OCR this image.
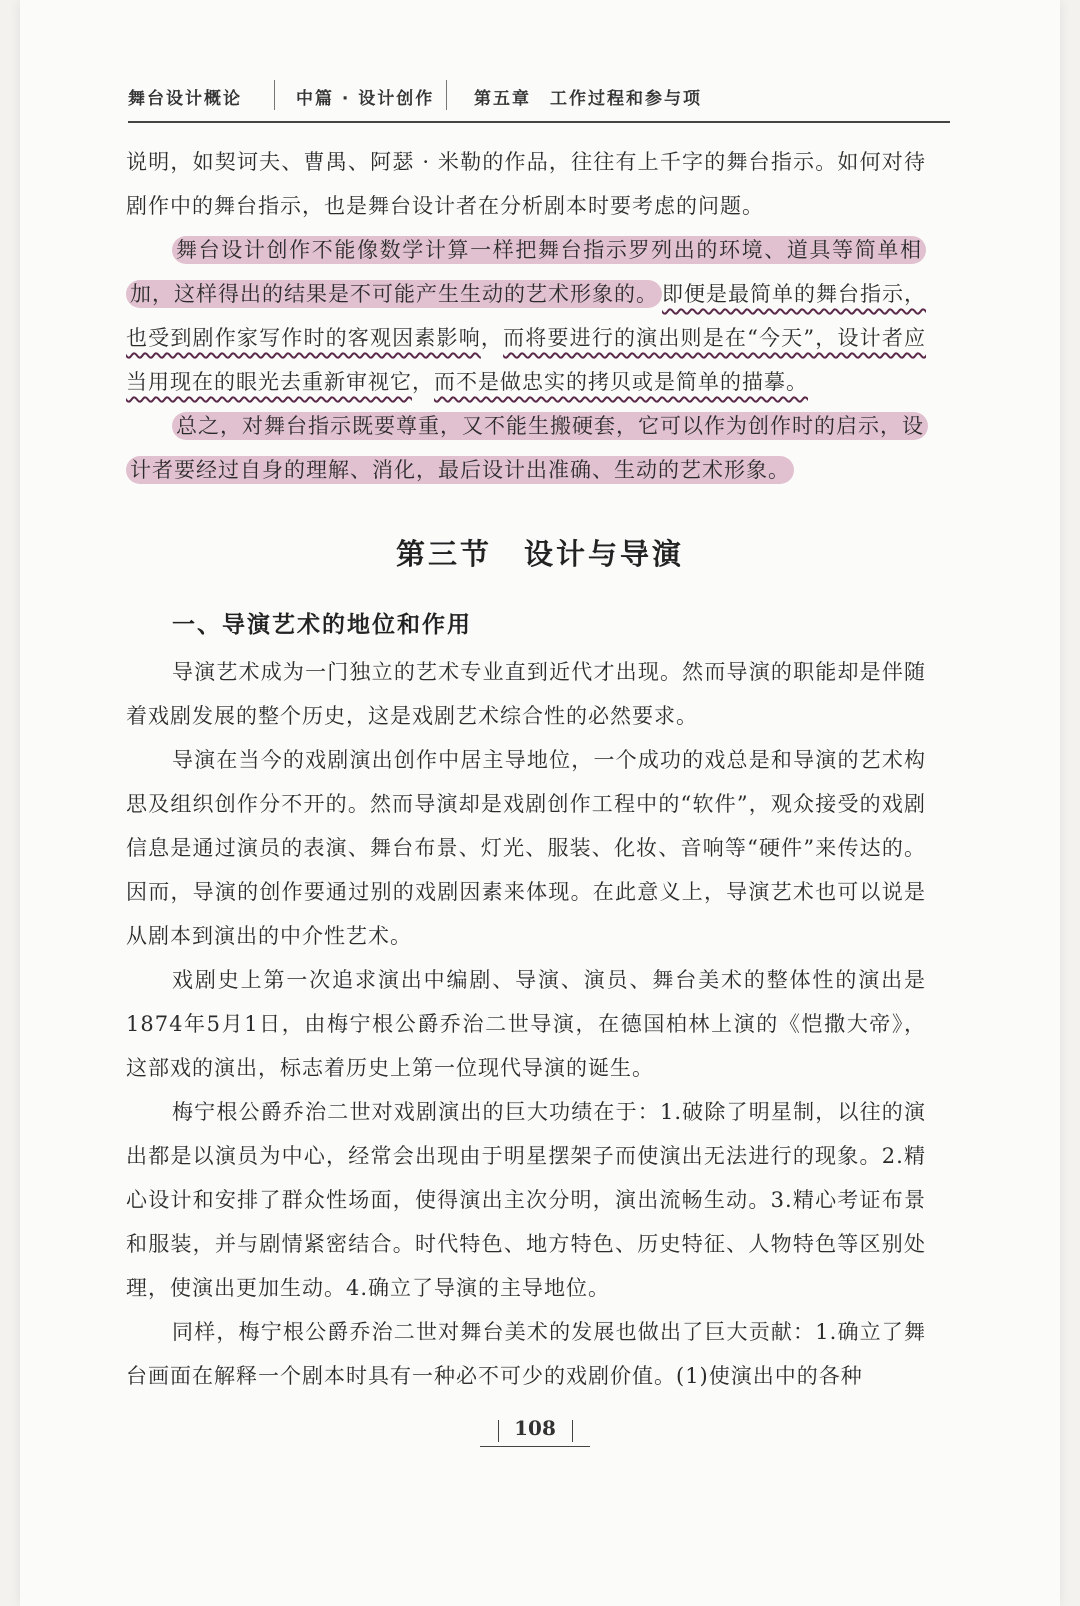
舞台设计概论	中篇 · 设计创作 第五章　工作过程和参与项

说明，如契诃夫、曹禺、阿瑟 · 米勒的作品，往往有上千字的舞台指示。如何对待剧作中的舞台指示，也是舞台设计者在分析剧本时要考虑的问题。

舞台设计创作不能像数学计算一样把舞台指示罗列出的环境、道具等简单相加，这样得出的结果是不可能产生生动的艺术形象的。 即便是最简单的舞台指示，也受到剧作家写作时的客观因素影响，而将要进行的演出则是在“今天”，设计者应当用现在的眼光去重新审视它，而不是做忠实的拷贝或是简单的描摹。

总之，对舞台指示既要尊重，又不能生搬硬套，它可以作为创作时的启示，设计者要经过自身的理解、消化，最后设计出准确、生动的艺术形象。

第三节　设计与导演
一、导演艺术的地位和作用

导演艺术成为一门独立的艺术专业直到近代才出现。然而导演的职能却是伴随着戏剧发展的整个历史，这是戏剧艺术综合性的必然要求。

导演在当今的戏剧演出创作中居主导地位，一个成功的戏总是和导演的艺术构思及组织创作分不开的。然而导演却是戏剧创作工程中的“软件”，观众接受的戏剧信息是通过演员的表演、舞台布景、灯光、服装、化妆、音响等“硬件”来传达的。因而，导演的创作要通过别的戏剧因素来体现。在此意义上，导演艺术也可以说是从剧本到演出的中介性艺术。

戏剧史上第一次追求演出中编剧、导演、演员、舞台美术的整体性的演出是1874年5月1日，由梅宁根公爵乔治二世导演，在德国柏林上演的《恺撒大帝》，这部戏的演出，标志着历史上第一位现代导演的诞生。

梅宁根公爵乔治二世对戏剧演出的巨大功绩在于：1.破除了明星制，以往的演出都是以演员为中心，经常会出现由于明星摆架子而使演出无法进行的现象。2.精心设计和安排了群众性场面，使得演出主次分明，演出流畅生动。3.精心考证布景和服装，并与剧情紧密结合。时代特色、地方特色、历史特征、人物特色等区别处理，使演出更加生动。4.确立了导演的主导地位。

同样，梅宁根公爵乔治二世对舞台美术的发展也做出了巨大贡献：1.确立了舞台画面在解释一个剧本时具有一种必不可少的戏剧价值。(1)使演出中的各种

108
